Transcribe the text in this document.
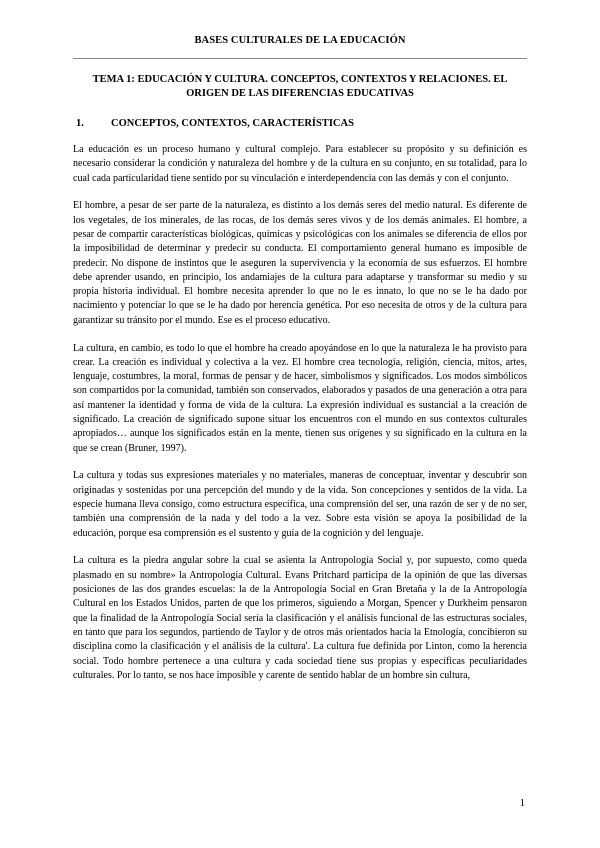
BASES CULTURALES DE LA EDUCACIÓN
TEMA 1: EDUCACIÓN Y CULTURA. CONCEPTOS, CONTEXTOS Y RELACIONES. EL
ORIGEN DE LAS DIFERENCIAS EDUCATIVAS
1.	CONCEPTOS, CONTEXTOS, CARACTERÍSTICAS

La educación es un proceso humano y cultural complejo. Para establecer su propósito y su definición es necesario considerar la condición y naturaleza del hombre y de la cultura en su conjunto, en su totalidad, para lo cual cada particularidad tiene sentido por su vinculación e interdependencia con las demás y con el conjunto.

El hombre, a pesar de ser parte de la naturaleza, es distinto a los demás seres del medio natural. Es diferente de los vegetales, de los minerales, de las rocas, de los demás seres vivos y de los demás animales. El hombre, a pesar de compartir características biológicas, químicas y psicológicas con los animales se diferencia de ellos por la imposibilidad de determinar y predecir su conducta. El comportamiento general humano es imposible de predecir. No dispone de instintos que le aseguren la supervivencia y la economía de sus esfuerzos. El hombre debe aprender usando, en principio, los andamiajes de la cultura para adaptarse y transformar su medio y su propia historia individual. El hombre necesita aprender lo que no le es innato, lo que no se le ha dado por nacimiento y potenciar lo que se le ha dado por herencia genética. Por eso necesita de otros y de la cultura para garantizar su tránsito por el mundo. Ese es el proceso educativo.

La cultura, en cambio, es todo lo que el hombre ha creado apoyándose en lo que la naturaleza le ha provisto para crear. La creación es individual y colectiva a la vez. El hombre crea tecnología, religión, ciencia, mitos, artes, lenguaje, costumbres, la moral, formas de pensar y de hacer, simbolismos y significados. Los modos simbólicos son compartidos por la comunidad, también son conservados, elaborados y pasados de una generación a otra para así mantener la identidad y forma de vida de la cultura. La expresión individual es sustancial a la creación de significado. La creación de significado supone situar los encuentros con el mundo en sus contextos culturales apropiados… aunque los significados están en la mente, tienen sus orígenes y su significado en la cultura en la que se crean (Bruner, 1997).

La cultura y todas sus expresiones materiales y no materiales, maneras de conceptuar, inventar y descubrir son originadas y sostenidas por una percepción del mundo y de la vida. Son concepciones y sentidos de la vida. La especie humana lleva consigo, como estructura específica, una comprensión del ser, una razón de ser y de no ser, también una comprensión de la nada y del todo a la vez. Sobre esta visión se apoya la posibilidad de la educación, porque esa comprensión es el sustento y guía de la cognición y del lenguaje.

La cultura es la piedra angular sobre la cual se asienta la Antropología Social y, por supuesto, como queda plasmado en su nombre» la Antropología Cultural. Evans Pritchard participa de la opinión de que las diversas posiciones de las dos grandes escuelas: la de la Antropología Social en Gran Bretaña y la de la Antropología Cultural en los Estados Unidos, parten de que los primeros, siguiendo a Morgan, Spencer y Durkheim pensaron que la finalidad de la Antropología Social sería la clasificación y el análisis funcional de las estructuras sociales, en tanto que para los segundos, partiendo de Taylor y de otros más orientados hacia la Etnología, concibieron su disciplina como la clasificación y el análisis de la cultura'. La cultura fue definida por Linton, como la herencia social. Todo hombre pertenece a una cultura y cada sociedad tiene sus propias y específicas peculiaridades culturales. Por lo tanto, se nos hace imposible y carente de sentido hablar de un hombre sin cultura,

1
